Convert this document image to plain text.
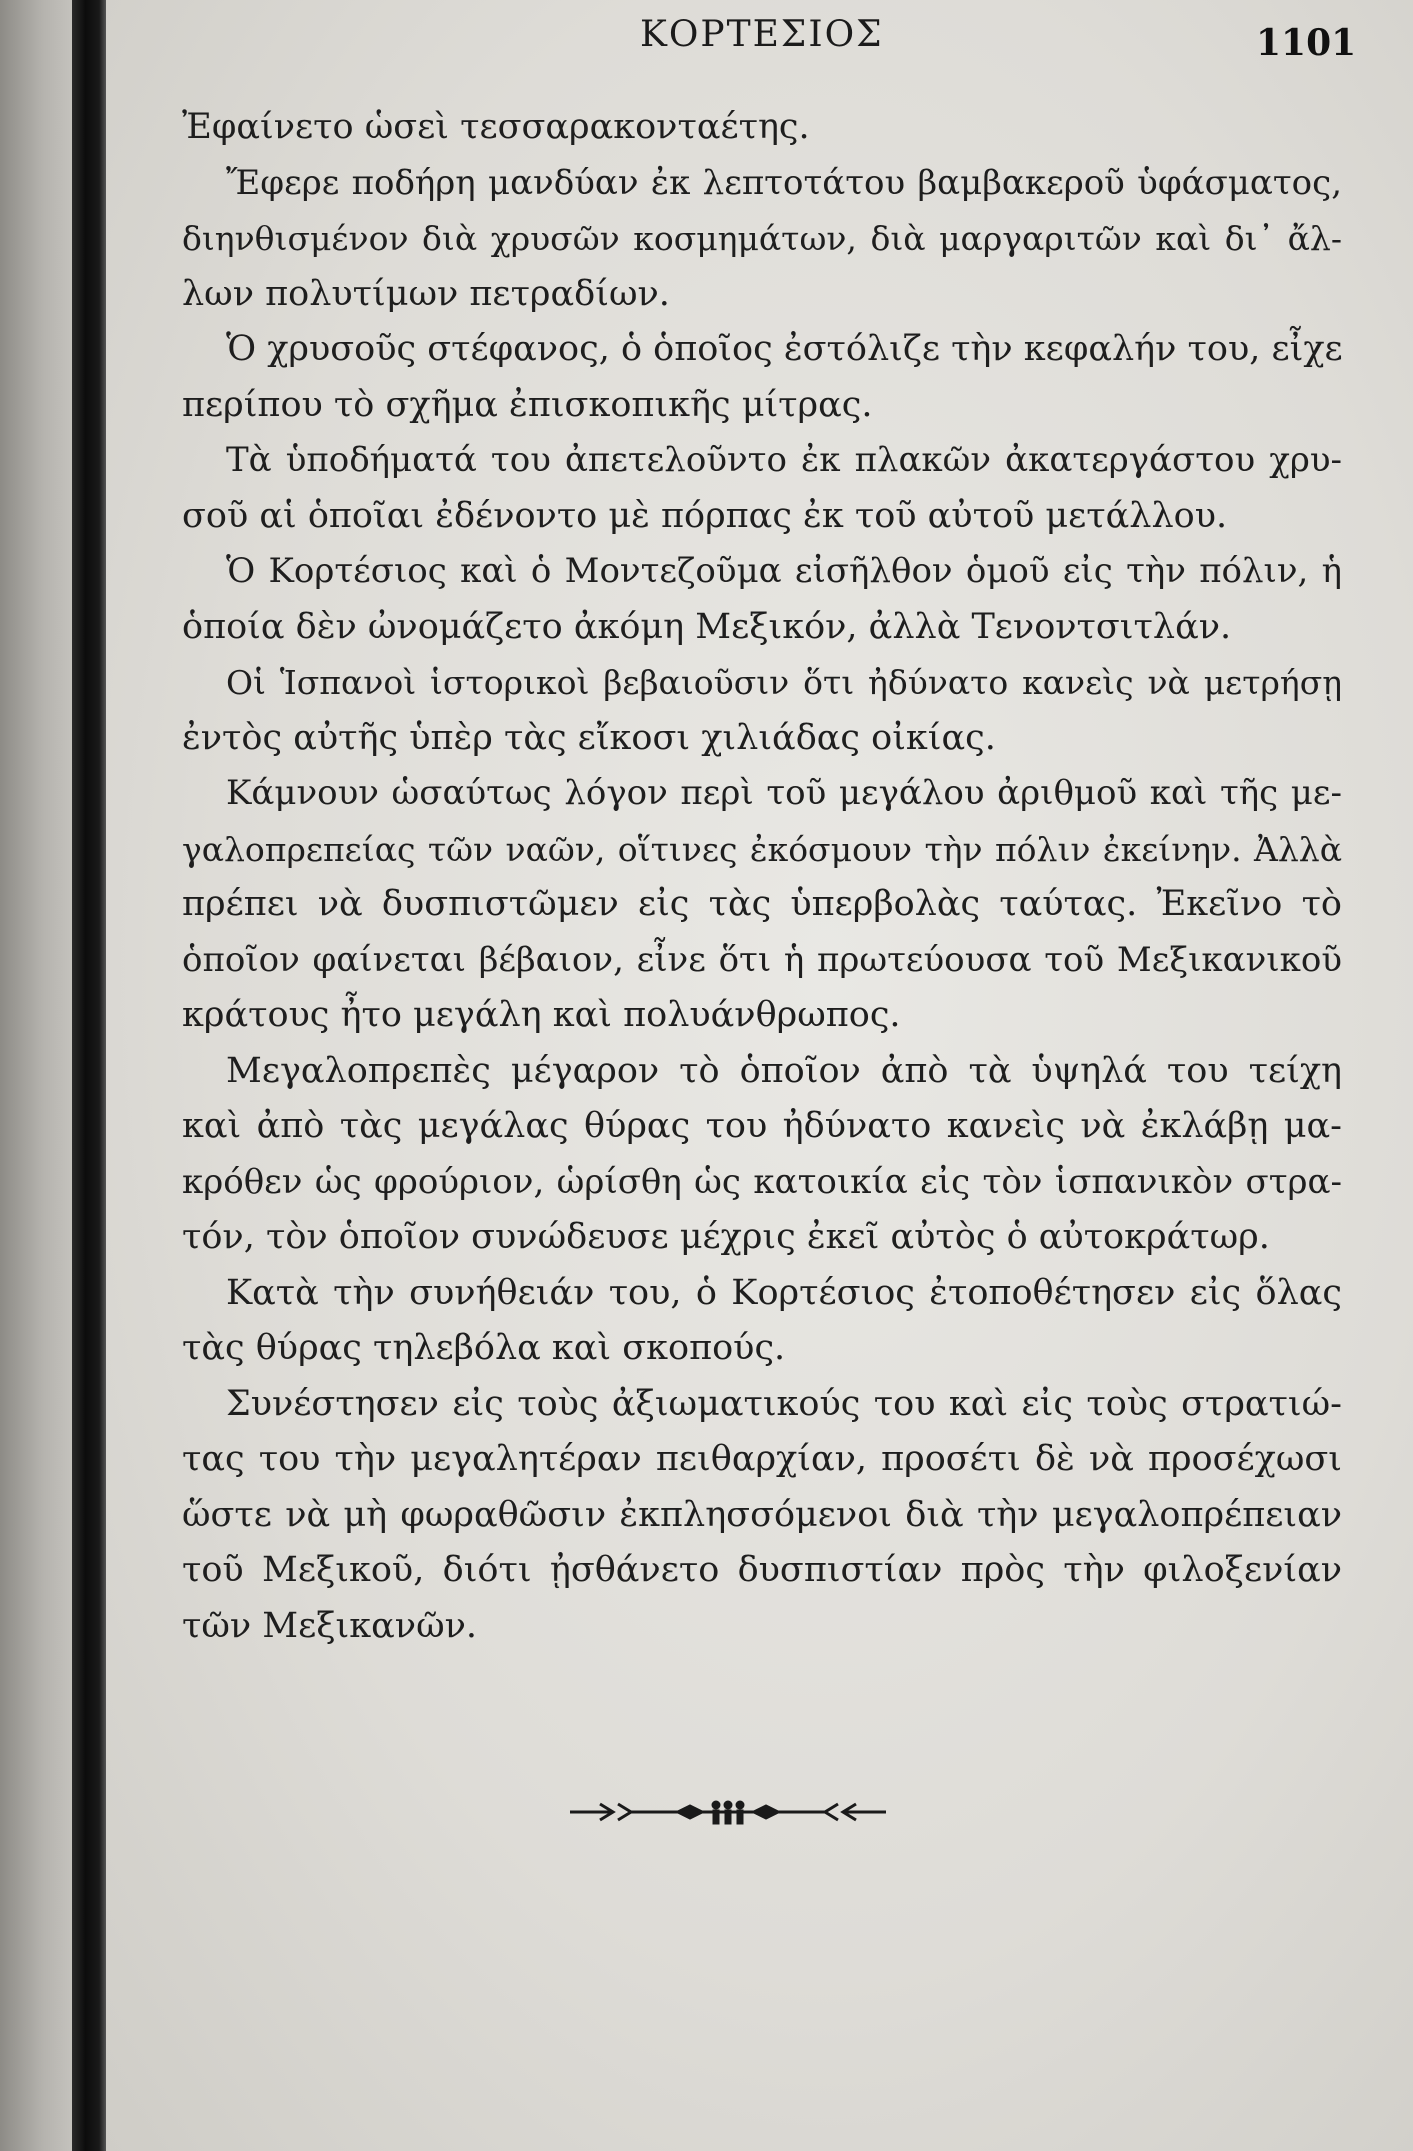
ΚΟΡΤΕΣΙΟΣ	1101
Ἐφαίνετο ὡσεὶ τεσσαρακονταέτης.
Ἔφερε ποδήρη μανδύαν ἐκ λεπτοτάτου βαμβακεροῦ ὑφάσματος,
διηνθισμένον διὰ χρυσῶν κοσμημάτων, διὰ μαργαριτῶν καὶ δι᾽ ἄλ-
λων πολυτίμων πετραδίων.
Ὁ χρυσοῦς στέφανος, ὁ ὁποῖος ἐστόλιζε τὴν κεφαλήν του, εἶχε
περίπου τὸ σχῆμα ἐπισκοπικῆς μίτρας.
Τὰ ὑποδήματά του ἀπετελοῦντο ἐκ πλακῶν ἀκατεργάστου χρυ-
σοῦ αἱ ὁποῖαι ἐδένοντο μὲ πόρπας ἐκ τοῦ αὐτοῦ μετάλλου.
Ὁ Κορτέσιος καὶ ὁ Μοντεζοῦμα εἰσῆλθον ὁμοῦ εἰς τὴν πόλιν, ἡ
ὁποία δὲν ὠνομάζετο ἀκόμη Μεξικόν, ἀλλὰ Τενοντσιτλάν.
Οἱ Ἱσπανοὶ ἱστορικοὶ βεβαιοῦσιν ὅτι ἠδύνατο κανεὶς νὰ μετρήσῃ
ἐντὸς αὐτῆς ὑπὲρ τὰς εἴκοσι χιλιάδας οἰκίας.
Κάμνουν ὡσαύτως λόγον περὶ τοῦ μεγάλου ἀριθμοῦ καὶ τῆς με-
γαλοπρεπείας τῶν ναῶν, οἵτινες ἐκόσμουν τὴν πόλιν ἐκείνην. Ἀλλὰ
πρέπει νὰ δυσπιστῶμεν εἰς τὰς ὑπερβολὰς ταύτας. Ἐκεῖνο τὸ
ὁποῖον φαίνεται βέβαιον, εἶνε ὅτι ἡ πρωτεύουσα τοῦ Μεξικανικοῦ
κράτους ἦτο μεγάλη καὶ πολυάνθρωπος.
Μεγαλοπρεπὲς μέγαρον τὸ ὁποῖον ἀπὸ τὰ ὑψηλά του τείχη
καὶ ἀπὸ τὰς μεγάλας θύρας του ἠδύνατο κανεὶς νὰ ἐκλάβῃ μα-
κρόθεν ὡς φρούριον, ὡρίσθη ὡς κατοικία εἰς τὸν ἱσπανικὸν στρα-
τόν, τὸν ὁποῖον συνώδευσε μέχρις ἐκεῖ αὐτὸς ὁ αὐτοκράτωρ.
Κατὰ τὴν συνήθειάν του, ὁ Κορτέσιος ἐτοποθέτησεν εἰς ὅλας
τὰς θύρας τηλεβόλα καὶ σκοπούς.
Συνέστησεν εἰς τοὺς ἀξιωματικούς του καὶ εἰς τοὺς στρατιώ-
τας του τὴν μεγαλητέραν πειθαρχίαν, προσέτι δὲ νὰ προσέχωσι
ὥστε νὰ μὴ φωραθῶσιν ἐκπλησσόμενοι διὰ τὴν μεγαλοπρέπειαν
τοῦ Μεξικοῦ, διότι ᾐσθάνετο δυσπιστίαν πρὸς τὴν φιλοξενίαν
τῶν Μεξικανῶν.
